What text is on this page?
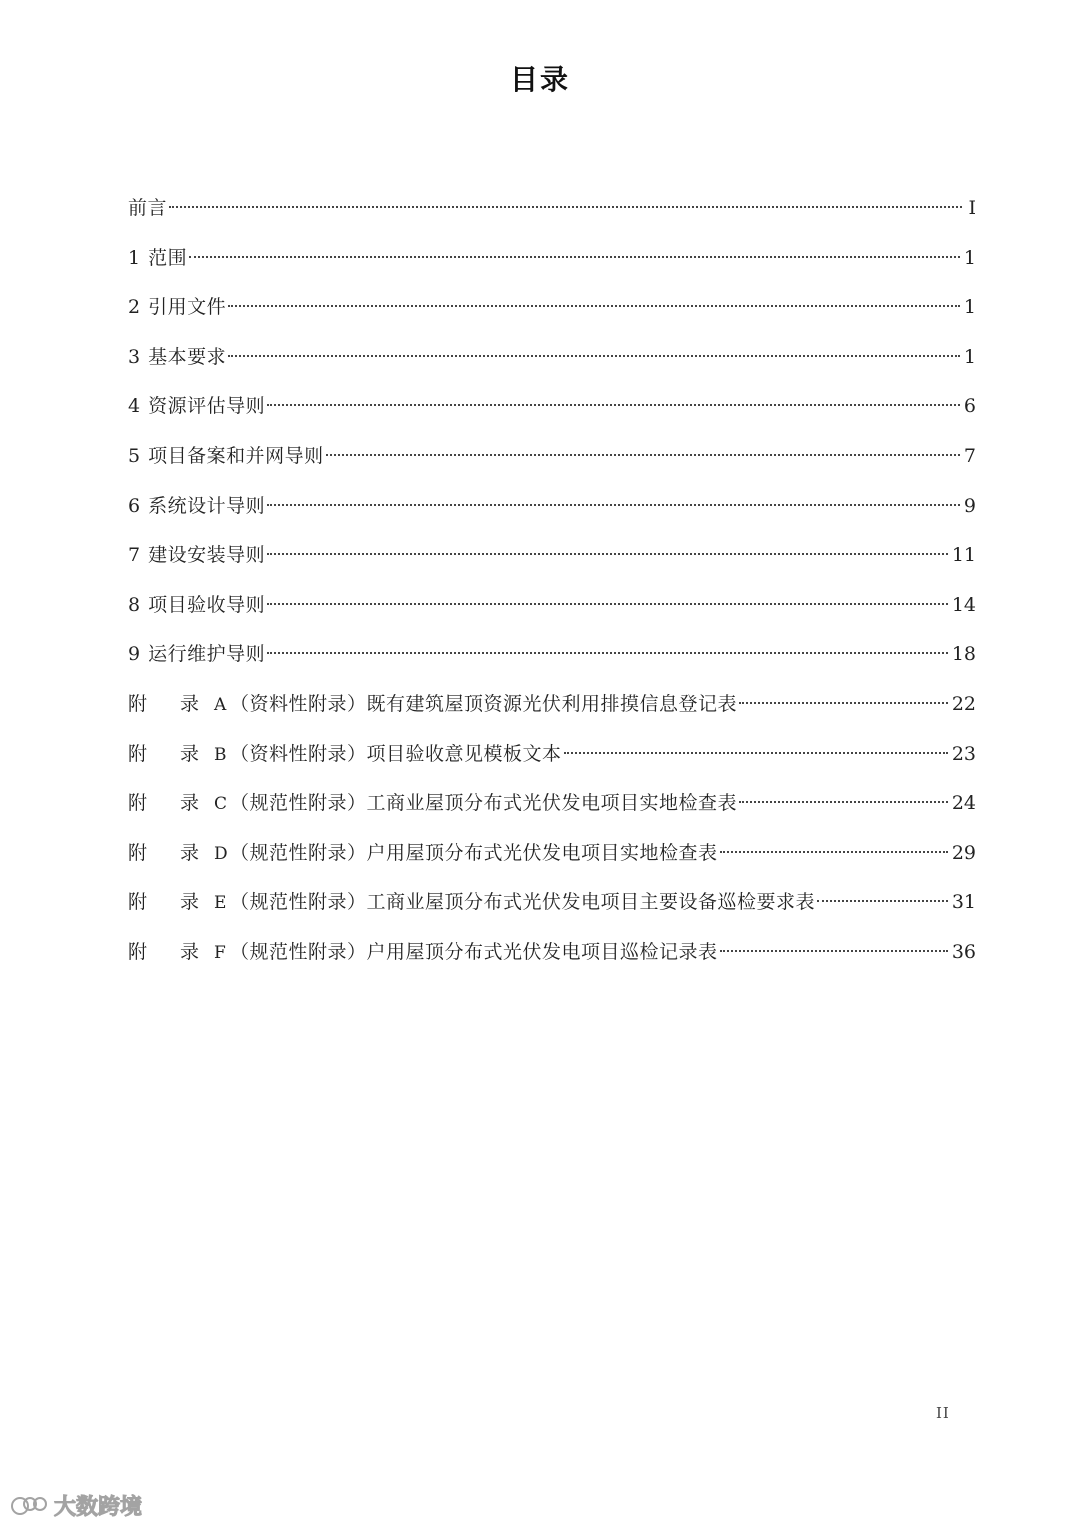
目录
前言	I
1 范围	1
2 引用文件	1
3 基本要求	1
4 资源评估导则	6
5 项目备案和并网导则	7
6 系统设计导则	9
7 建设安装导则	11
8 项目验收导则	14
9 运行维护导则	18
附 录 A （资料性附录）既有建筑屋顶资源光伏利用排摸信息登记表	22
附 录 B （资料性附录）项目验收意见模板文本	23
附 录 C （规范性附录）工商业屋顶分布式光伏发电项目实地检查表	24
附 录 D （规范性附录）户用屋顶分布式光伏发电项目实地检查表	29
附 录 E （规范性附录）工商业屋顶分布式光伏发电项目主要设备巡检要求表	31
附 录 F （规范性附录）户用屋顶分布式光伏发电项目巡检记录表	36
II
大数跨境
